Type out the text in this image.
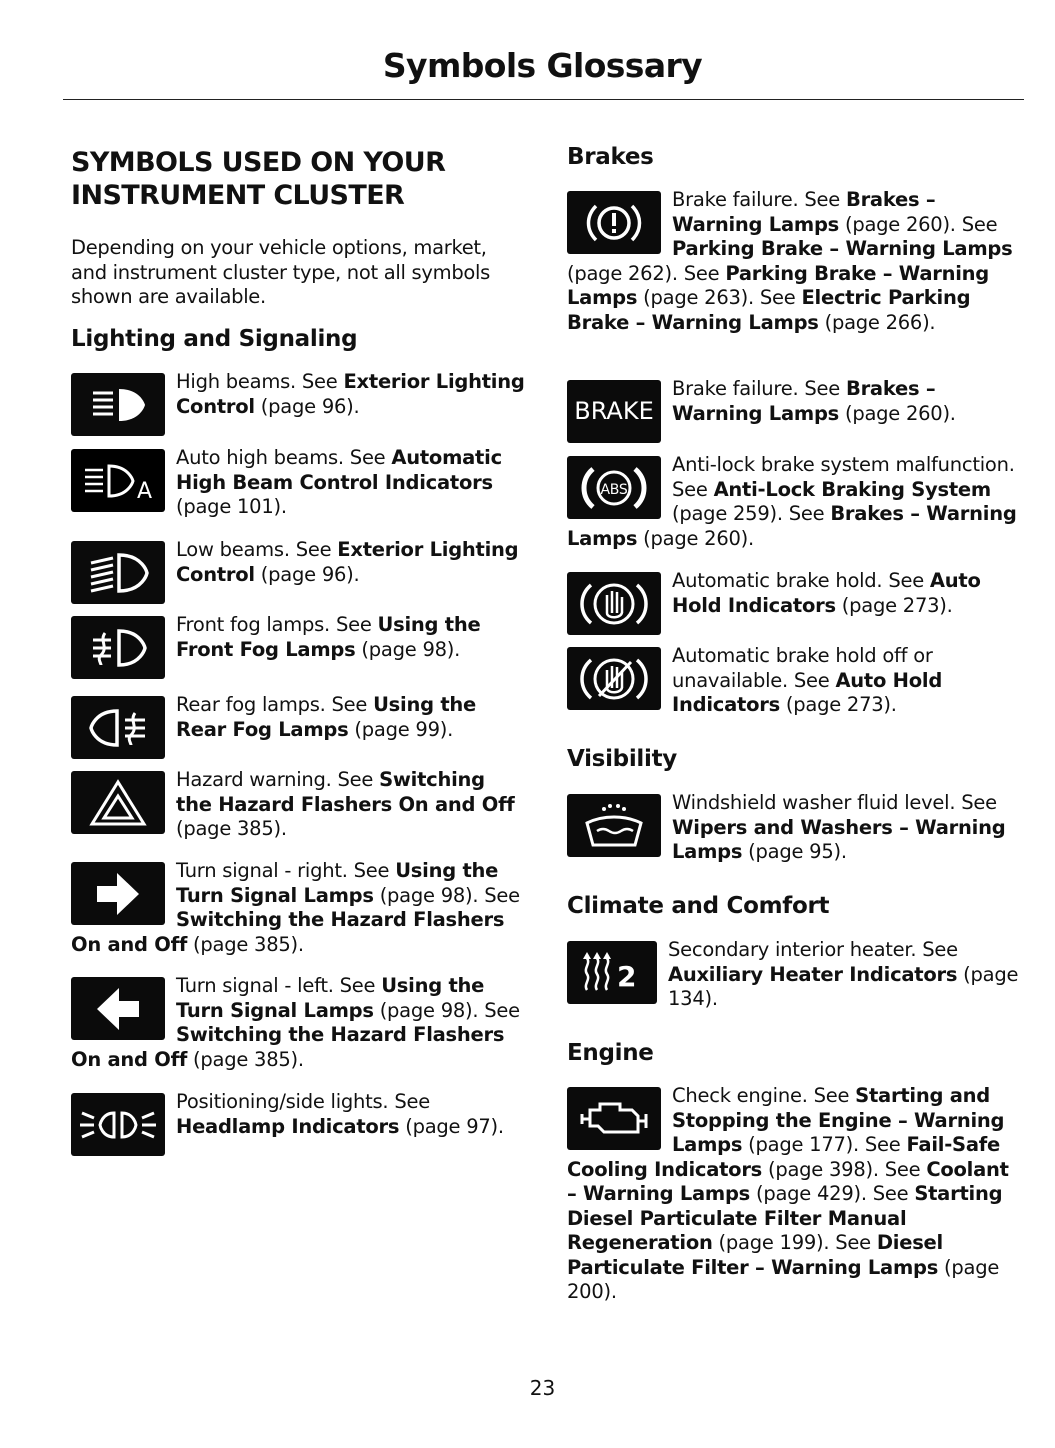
Symbols Glossary
SYMBOLS USED ON YOUR INSTRUMENT CLUSTER
Depending on your vehicle options, market, and instrument cluster type, not all symbols shown are available.
Lighting and Signaling
High beams. See Exterior Lighting Control (page 96).
A
Auto high beams. See Automatic High Beam Control Indicators (page 101).
Low beams. See Exterior Lighting Control (page 96).
Front fog lamps. See Using the Front Fog Lamps (page 98).
Rear fog lamps. See Using the Rear Fog Lamps (page 99).
Hazard warning. See Switching the Hazard Flashers On and Off (page 385).
Turn signal - right. See Using the Turn Signal Lamps (page 98). See Switching the Hazard Flashers On and Off (page 385).
Turn signal - left. See Using the Turn Signal Lamps (page 98). See Switching the Hazard Flashers On and Off (page 385).
Positioning/side lights. See Headlamp Indicators (page 97).
Brakes
Brake failure. See Brakes – Warning Lamps (page 260). See Parking Brake – Warning Lamps (page 262). See Parking Brake – Warning Lamps (page 263). See Electric Parking Brake – Warning Lamps (page 266).
BRAKE
Brake failure. See Brakes – Warning Lamps (page 260).
ABS
Anti-lock brake system malfunction. See Anti-Lock Braking System (page 259). See Brakes – Warning Lamps (page 260).
Automatic brake hold. See Auto Hold Indicators (page 273).
Automatic brake hold off or unavailable. See Auto Hold Indicators (page 273).
Visibility
Windshield washer fluid level. See Wipers and Washers – Warning Lamps (page 95).
Climate and Comfort
2
Secondary interior heater. See Auxiliary Heater Indicators (page 134).
Engine
Check engine. See Starting and Stopping the Engine – Warning Lamps (page 177). See Fail-Safe Cooling Indicators (page 398). See Coolant – Warning Lamps (page 429). See Starting Diesel Particulate Filter Manual Regeneration (page 199). See Diesel Particulate Filter – Warning Lamps (page 200).
23
